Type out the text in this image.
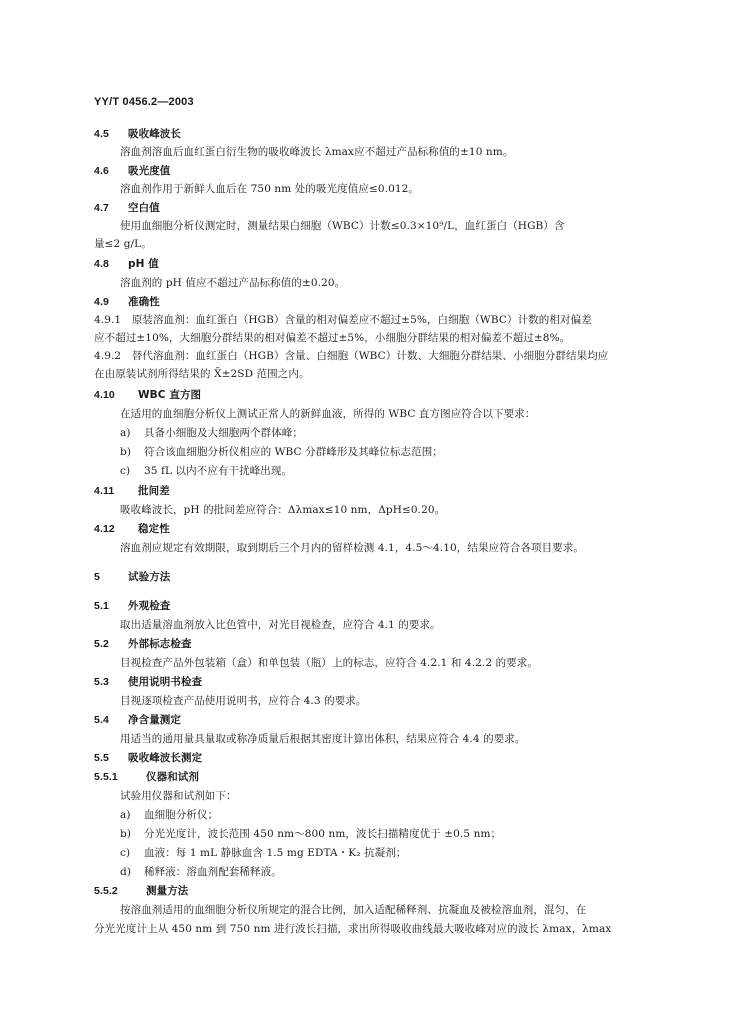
YY/T 0456.2—2003
4.5 吸收峰波长
溶血剂溶血后血红蛋白衍生物的吸收峰波长 λmax应不超过产品标称值的±10 nm。
4.6 吸光度值
溶血剂作用于新鲜人血后在 750 nm 处的吸光度值应≤0.012。
4.7 空白值
使用血细胞分析仪测定时，测量结果白细胞（WBC）计数≤0.3×10⁹/L，血红蛋白（HGB）含
量≤2 g/L。
4.8 pH 值
溶血剂的 pH 值应不超过产品标称值的±0.20。
4.9 准确性
4.9.1　原装溶血剂：血红蛋白（HGB）含量的相对偏差应不超过±5%，白细胞（WBC）计数的相对偏差
应不超过±10%，大细胞分群结果的相对偏差不超过±5%，小细胞分群结果的相对偏差不超过±8%。
4.9.2　替代溶血剂：血红蛋白（HGB）含量、白细胞（WBC）计数、大细胞分群结果、小细胞分群结果均应
在由原装试剂所得结果的 X̄±2SD 范围之内。
4.10 WBC 直方图
在适用的血细胞分析仪上测试正常人的新鲜血液，所得的 WBC 直方图应符合以下要求：
a) 具备小细胞及大细胞两个群体峰；
b) 符合该血细胞分析仪相应的 WBC 分群峰形及其峰位标志范围；
c) 35 fL 以内不应有干扰峰出现。
4.11 批间差
吸收峰波长，pH 的批间差应符合：Δλmax≤10 nm，ΔpH≤0.20。
4.12 稳定性
溶血剂应规定有效期限，取到期后三个月内的留样检测 4.1，4.5～4.10，结果应符合各项目要求。
5	试验方法
5.1 外观检查
取出适量溶血剂放入比色管中，对光目视检查，应符合 4.1 的要求。
5.2 外部标志检查
目视检查产品外包装箱（盒）和单包装（瓶）上的标志，应符合 4.2.1 和 4.2.2 的要求。
5.3 使用说明书检查
目视逐项检查产品使用说明书，应符合 4.3 的要求。
5.4 净含量测定
用适当的通用量具量取或称净质量后根据其密度计算出体积，结果应符合 4.4 的要求。
5.5 吸收峰波长测定
5.5.1	仪器和试剂
试验用仪器和试剂如下：
a) 血细胞分析仪；
b) 分光光度计，波长范围 450 nm～800 nm，波长扫描精度优于 ±0.5 nm；
c) 血液：每 1 mL 静脉血含 1.5 mg EDTA・K₂ 抗凝剂；
d) 稀释液：溶血剂配套稀释液。
5.5.2	测量方法
按溶血剂适用的血细胞分析仪所规定的混合比例，加入适配稀释剂、抗凝血及被检溶血剂，混匀，在
分光光度计上从 450 nm 到 750 nm 进行波长扫描，求出所得吸收曲线最大吸收峰对应的波长 λmax，λmax
